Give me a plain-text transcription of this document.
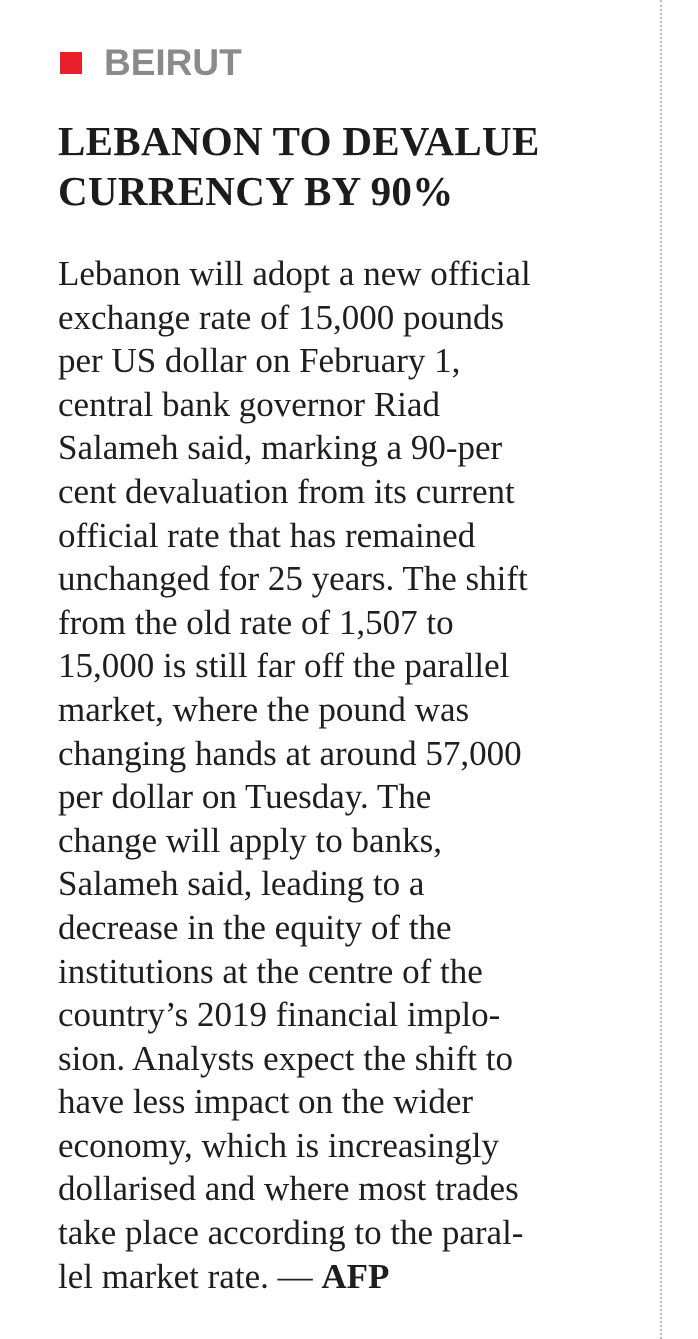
BEIRUT
LEBANON TO DEVALUE
CURRENCY BY 90%
Lebanon will adopt a new official
exchange rate of 15,000 pounds
per US dollar on February 1,
central bank governor Riad
Salameh said, marking a 90-per
cent devaluation from its current
official rate that has remained
unchanged for 25 years. The shift
from the old rate of 1,507 to
15,000 is still far off the parallel
market, where the pound was
changing hands at around 57,000
per dollar on Tuesday. The
change will apply to banks,
Salameh said, leading to a
decrease in the equity of the
institutions at the centre of the
country’s 2019 financial implo-
sion. Analysts expect the shift to
have less impact on the wider
economy, which is increasingly
dollarised and where most trades
take place according to the paral-
lel market rate. — AFP
